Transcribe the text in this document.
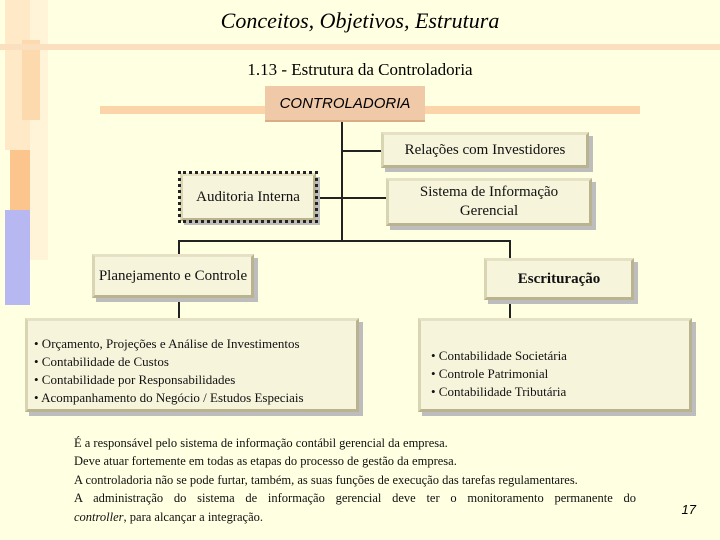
Conceitos, Objetivos, Estrutura
1.13 - Estrutura da Controladoria
CONTROLADORIA
Relações com Investidores
Auditoria Interna	Sistema de Informação Gerencial
Planejamento e Controle	Escrituração
• Orçamento, Projeções e Análise de Investimentos
• Contabilidade de Custos
• Contabilidade por Responsabilidades
• Acompanhamento do Negócio / Estudos Especiais
• Contabilidade Societária
• Controle Patrimonial
• Contabilidade Tributária
É a responsável pelo sistema de informação contábil gerencial da empresa.
Deve atuar fortemente em todas as etapas do processo de gestão da empresa.
A controladoria não se pode furtar, também, as suas funções de execução das tarefas regulamentares.
A administração do sistema de informação gerencial deve ter o monitoramento permanente do
controller, para alcançar a integração.	17
